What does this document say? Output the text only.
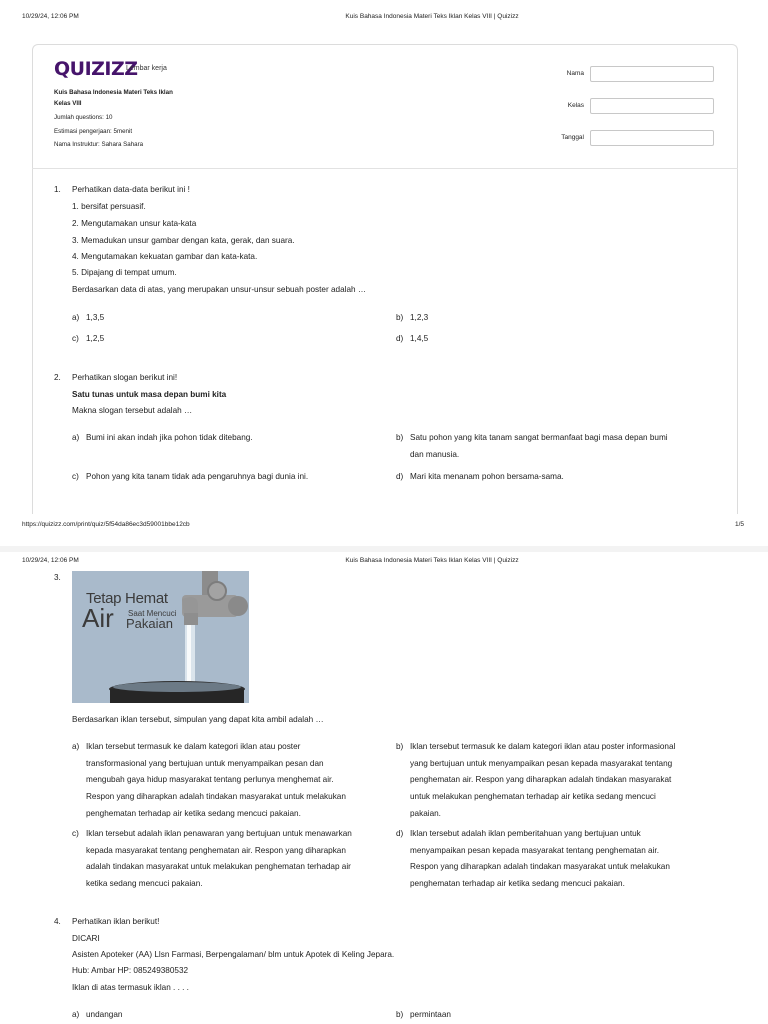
10/29/24, 12:06 PM	Kuis Bahasa Indonesia Materi Teks Iklan Kelas VIII | Quizizz
QUIZIZZ
Lembar kerja
Kuis Bahasa Indonesia Materi Teks Iklan
Kelas VIII
Jumlah questions: 10
Estimasi pengerjaan: 5menit
Nama Instruktur: Sahara Sahara
Nama
Kelas
Tanggal
1. Perhatikan data-data berikut ini !
1. bersifat persuasif.
2. Mengutamakan unsur kata-kata
3. Memadukan unsur gambar dengan kata, gerak, dan suara.
4. Mengutamakan kekuatan gambar dan kata-kata.
5. Dipajang di tempat umum.
Berdasarkan data di atas, yang merupakan unsur-unsur sebuah poster adalah …
a) 1,3,5	b) 1,2,3
c) 1,2,5	d) 1,4,5
2. Perhatikan slogan berikut ini!
Satu tunas untuk masa depan bumi kita
Makna slogan tersebut adalah …
a) Bumi ini akan indah jika pohon tidak ditebang.	b) Satu pohon yang kita tanam sangat bermanfaat bagi masa depan bumi
dan manusia.
c) Pohon yang kita tanam tidak ada pengaruhnya bagi dunia ini.	d) Mari kita menanam pohon bersama-sama.
https://quizizz.com/print/quiz/5f54da86ec3d59001bbe12cb	1/5
10/29/24, 12:06 PM	Kuis Bahasa Indonesia Materi Teks Iklan Kelas VIII | Quizizz
3.
Tetap Hemat
Air Saat Mencuci
Pakaian
Berdasarkan iklan tersebut, simpulan yang dapat kita ambil adalah …
a) Iklan tersebut termasuk ke dalam kategori iklan atau poster
transformasional yang bertujuan untuk menyampaikan pesan dan
mengubah gaya hidup masyarakat tentang perlunya menghemat air.
Respon yang diharapkan adalah tindakan masyarakat untuk melakukan
penghematan terhadap air ketika sedang mencuci pakaian.
b) Iklan tersebut termasuk ke dalam kategori iklan atau poster informasional
yang bertujuan untuk menyampaikan pesan kepada masyarakat tentang
penghematan air. Respon yang diharapkan adalah tindakan masyarakat
untuk melakukan penghematan terhadap air ketika sedang mencuci
pakaian.
c) Iklan tersebut adalah iklan penawaran yang bertujuan untuk menawarkan
kepada masyarakat tentang penghematan air. Respon yang diharapkan
adalah tindakan masyarakat untuk melakukan penghematan terhadap air
ketika sedang mencuci pakaian.
d) Iklan tersebut adalah iklan pemberitahuan yang bertujuan untuk
menyampaikan pesan kepada masyarakat tentang penghematan air.
Respon yang diharapkan adalah tindakan masyarakat untuk melakukan
penghematan terhadap air ketika sedang mencuci pakaian.
4. Perhatikan iklan berikut!
DICARI
Asisten Apoteker (AA) Llsn Farmasi, Berpengalaman/ blm untuk Apotek di Keling Jepara.
Hub: Ambar HP: 085249380532
Iklan di atas termasuk iklan . . . .
a) undangan	b) permintaan
